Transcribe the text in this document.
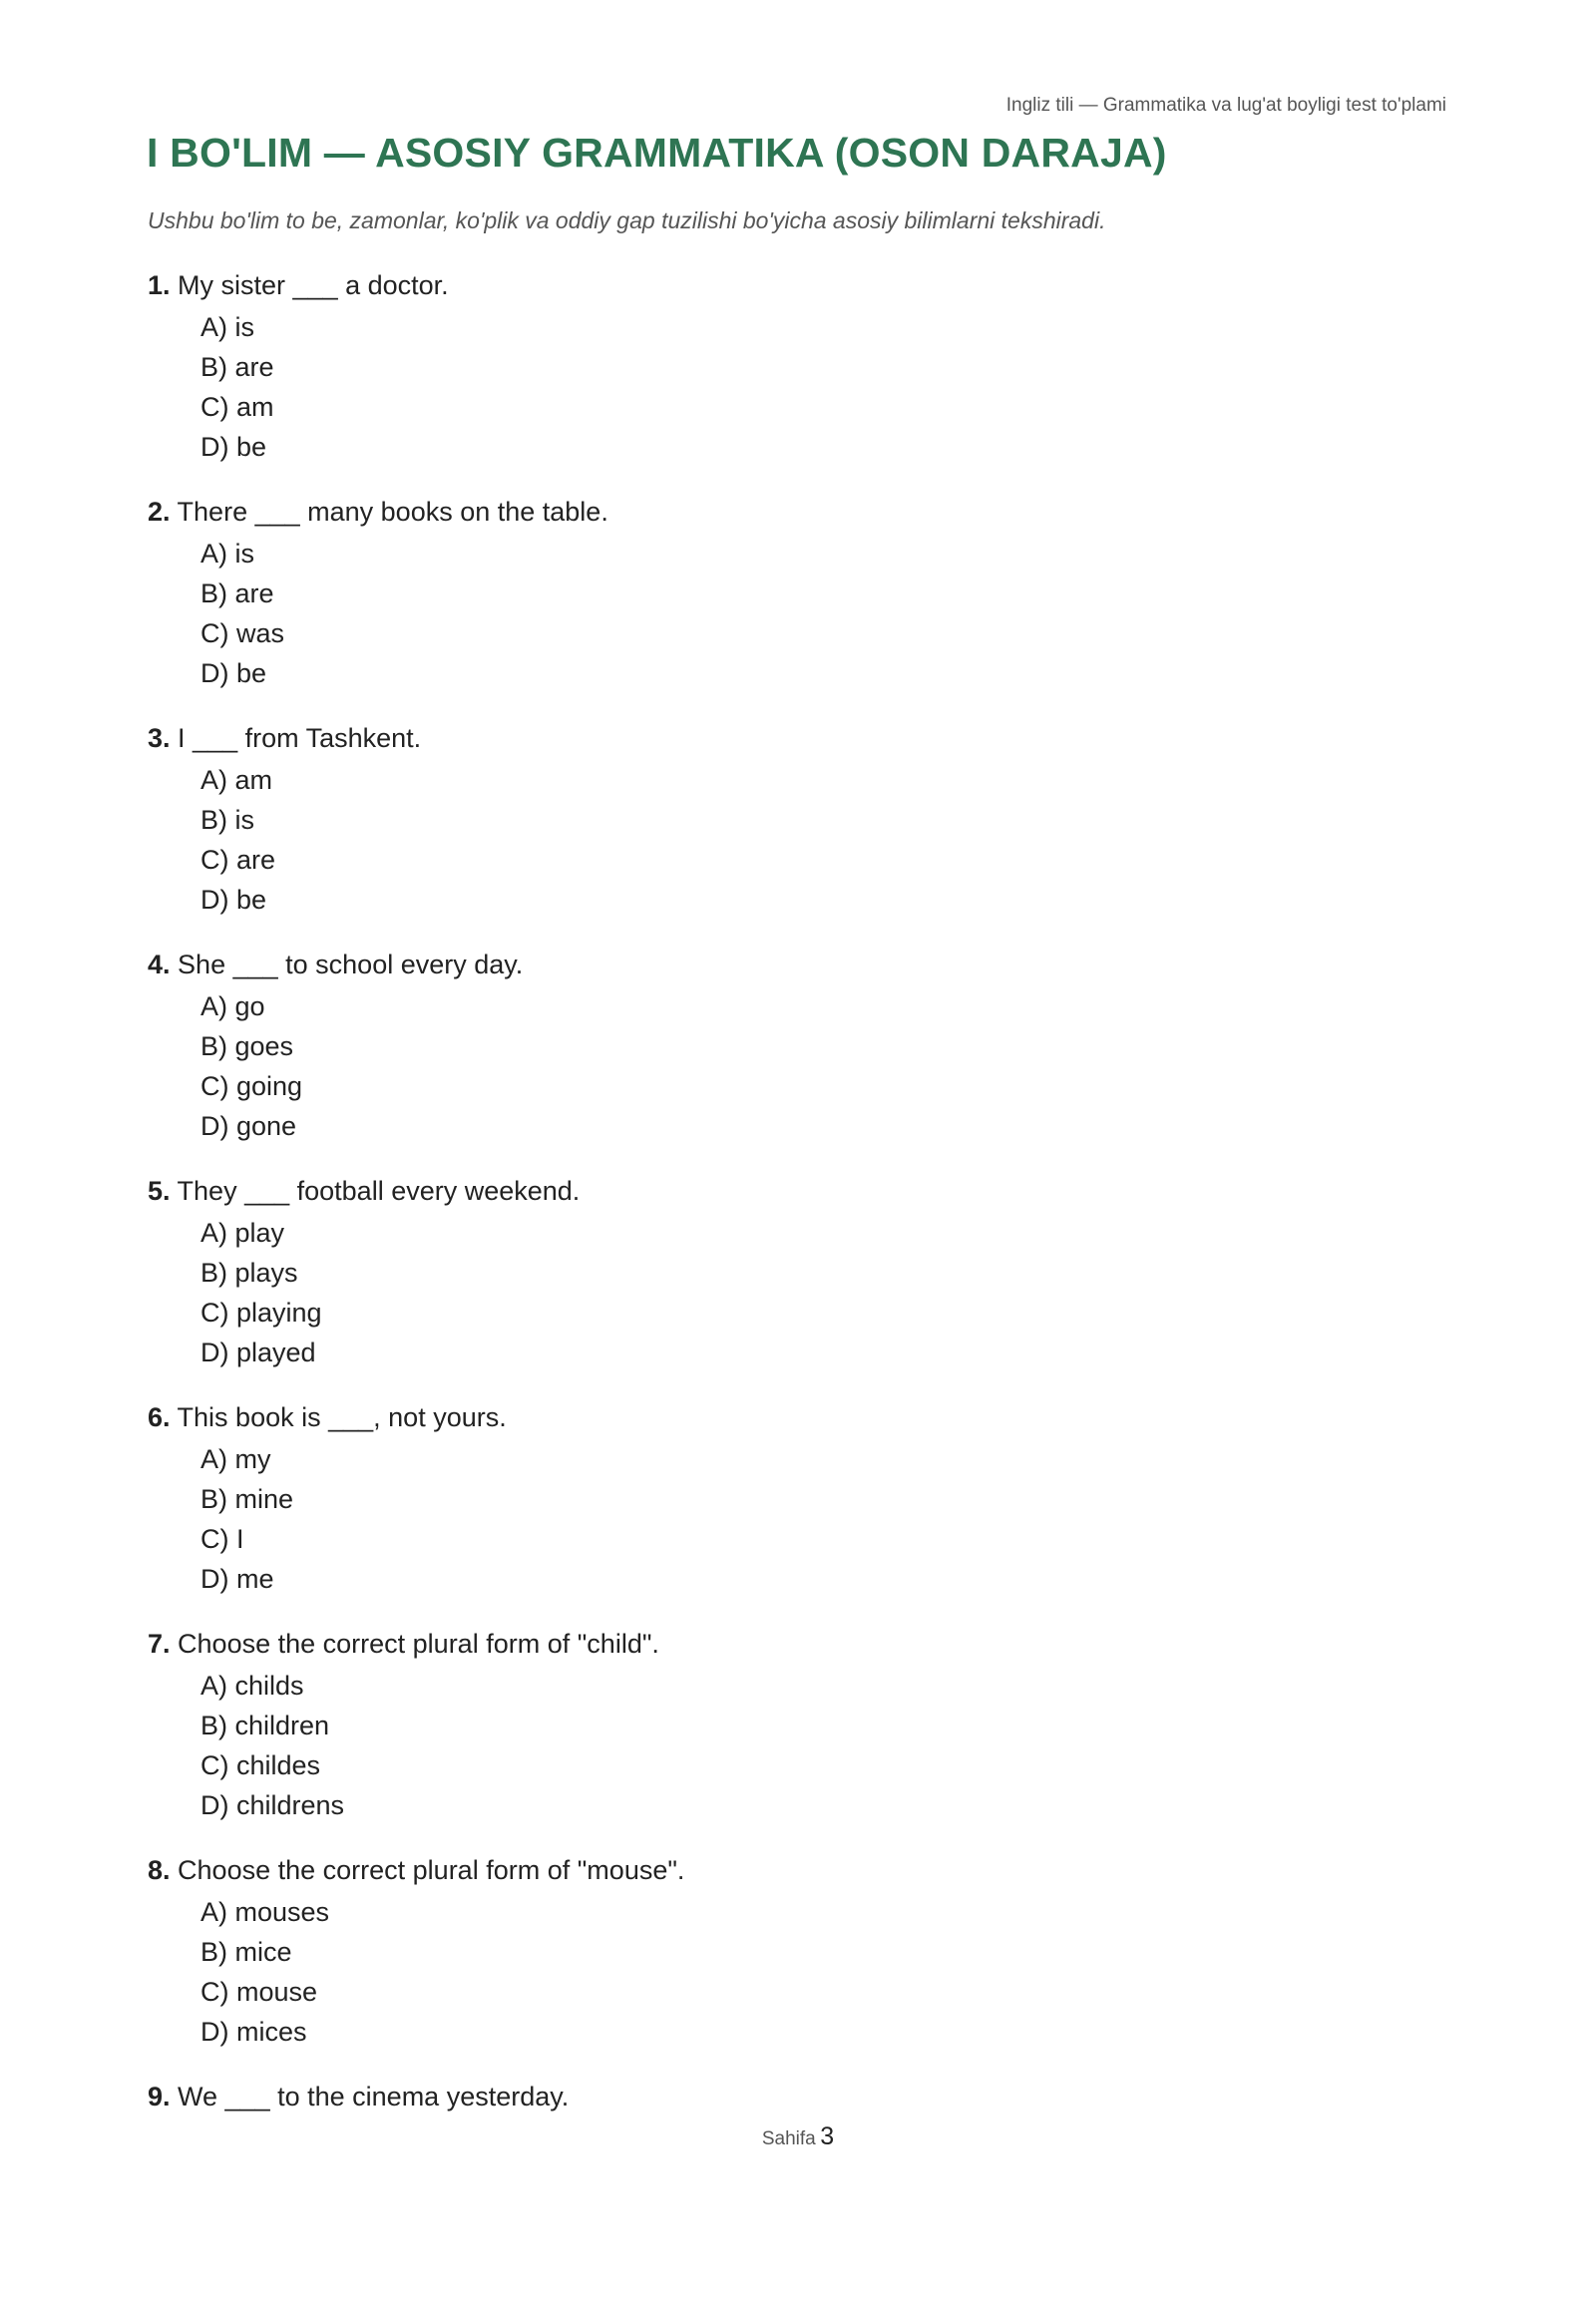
Ingliz tili — Grammatika va lug'at boyligi test to'plami
I BO'LIM — ASOSIY GRAMMATIKA (OSON DARAJA)

Ushbu bo'lim to be, zamonlar, ko'plik va oddiy gap tuzilishi bo'yicha asosiy bilimlarni tekshiradi.

1. My sister ___ a doctor.
A) is
B) are
C) am
D) be
2. There ___ many books on the table.
A) is
B) are
C) was
D) be
3. I ___ from Tashkent.
A) am
B) is
C) are
D) be
4. She ___ to school every day.
A) go
B) goes
C) going
D) gone
5. They ___ football every weekend.
A) play
B) plays
C) playing
D) played
6. This book is ___, not yours.
A) my
B) mine
C) I
D) me
7. Choose the correct plural form of "child".
A) childs
B) children
C) childes
D) childrens
8. Choose the correct plural form of "mouse".
A) mouses
B) mice
C) mouse
D) mices
9. We ___ to the cinema yesterday.
Sahifa 3
